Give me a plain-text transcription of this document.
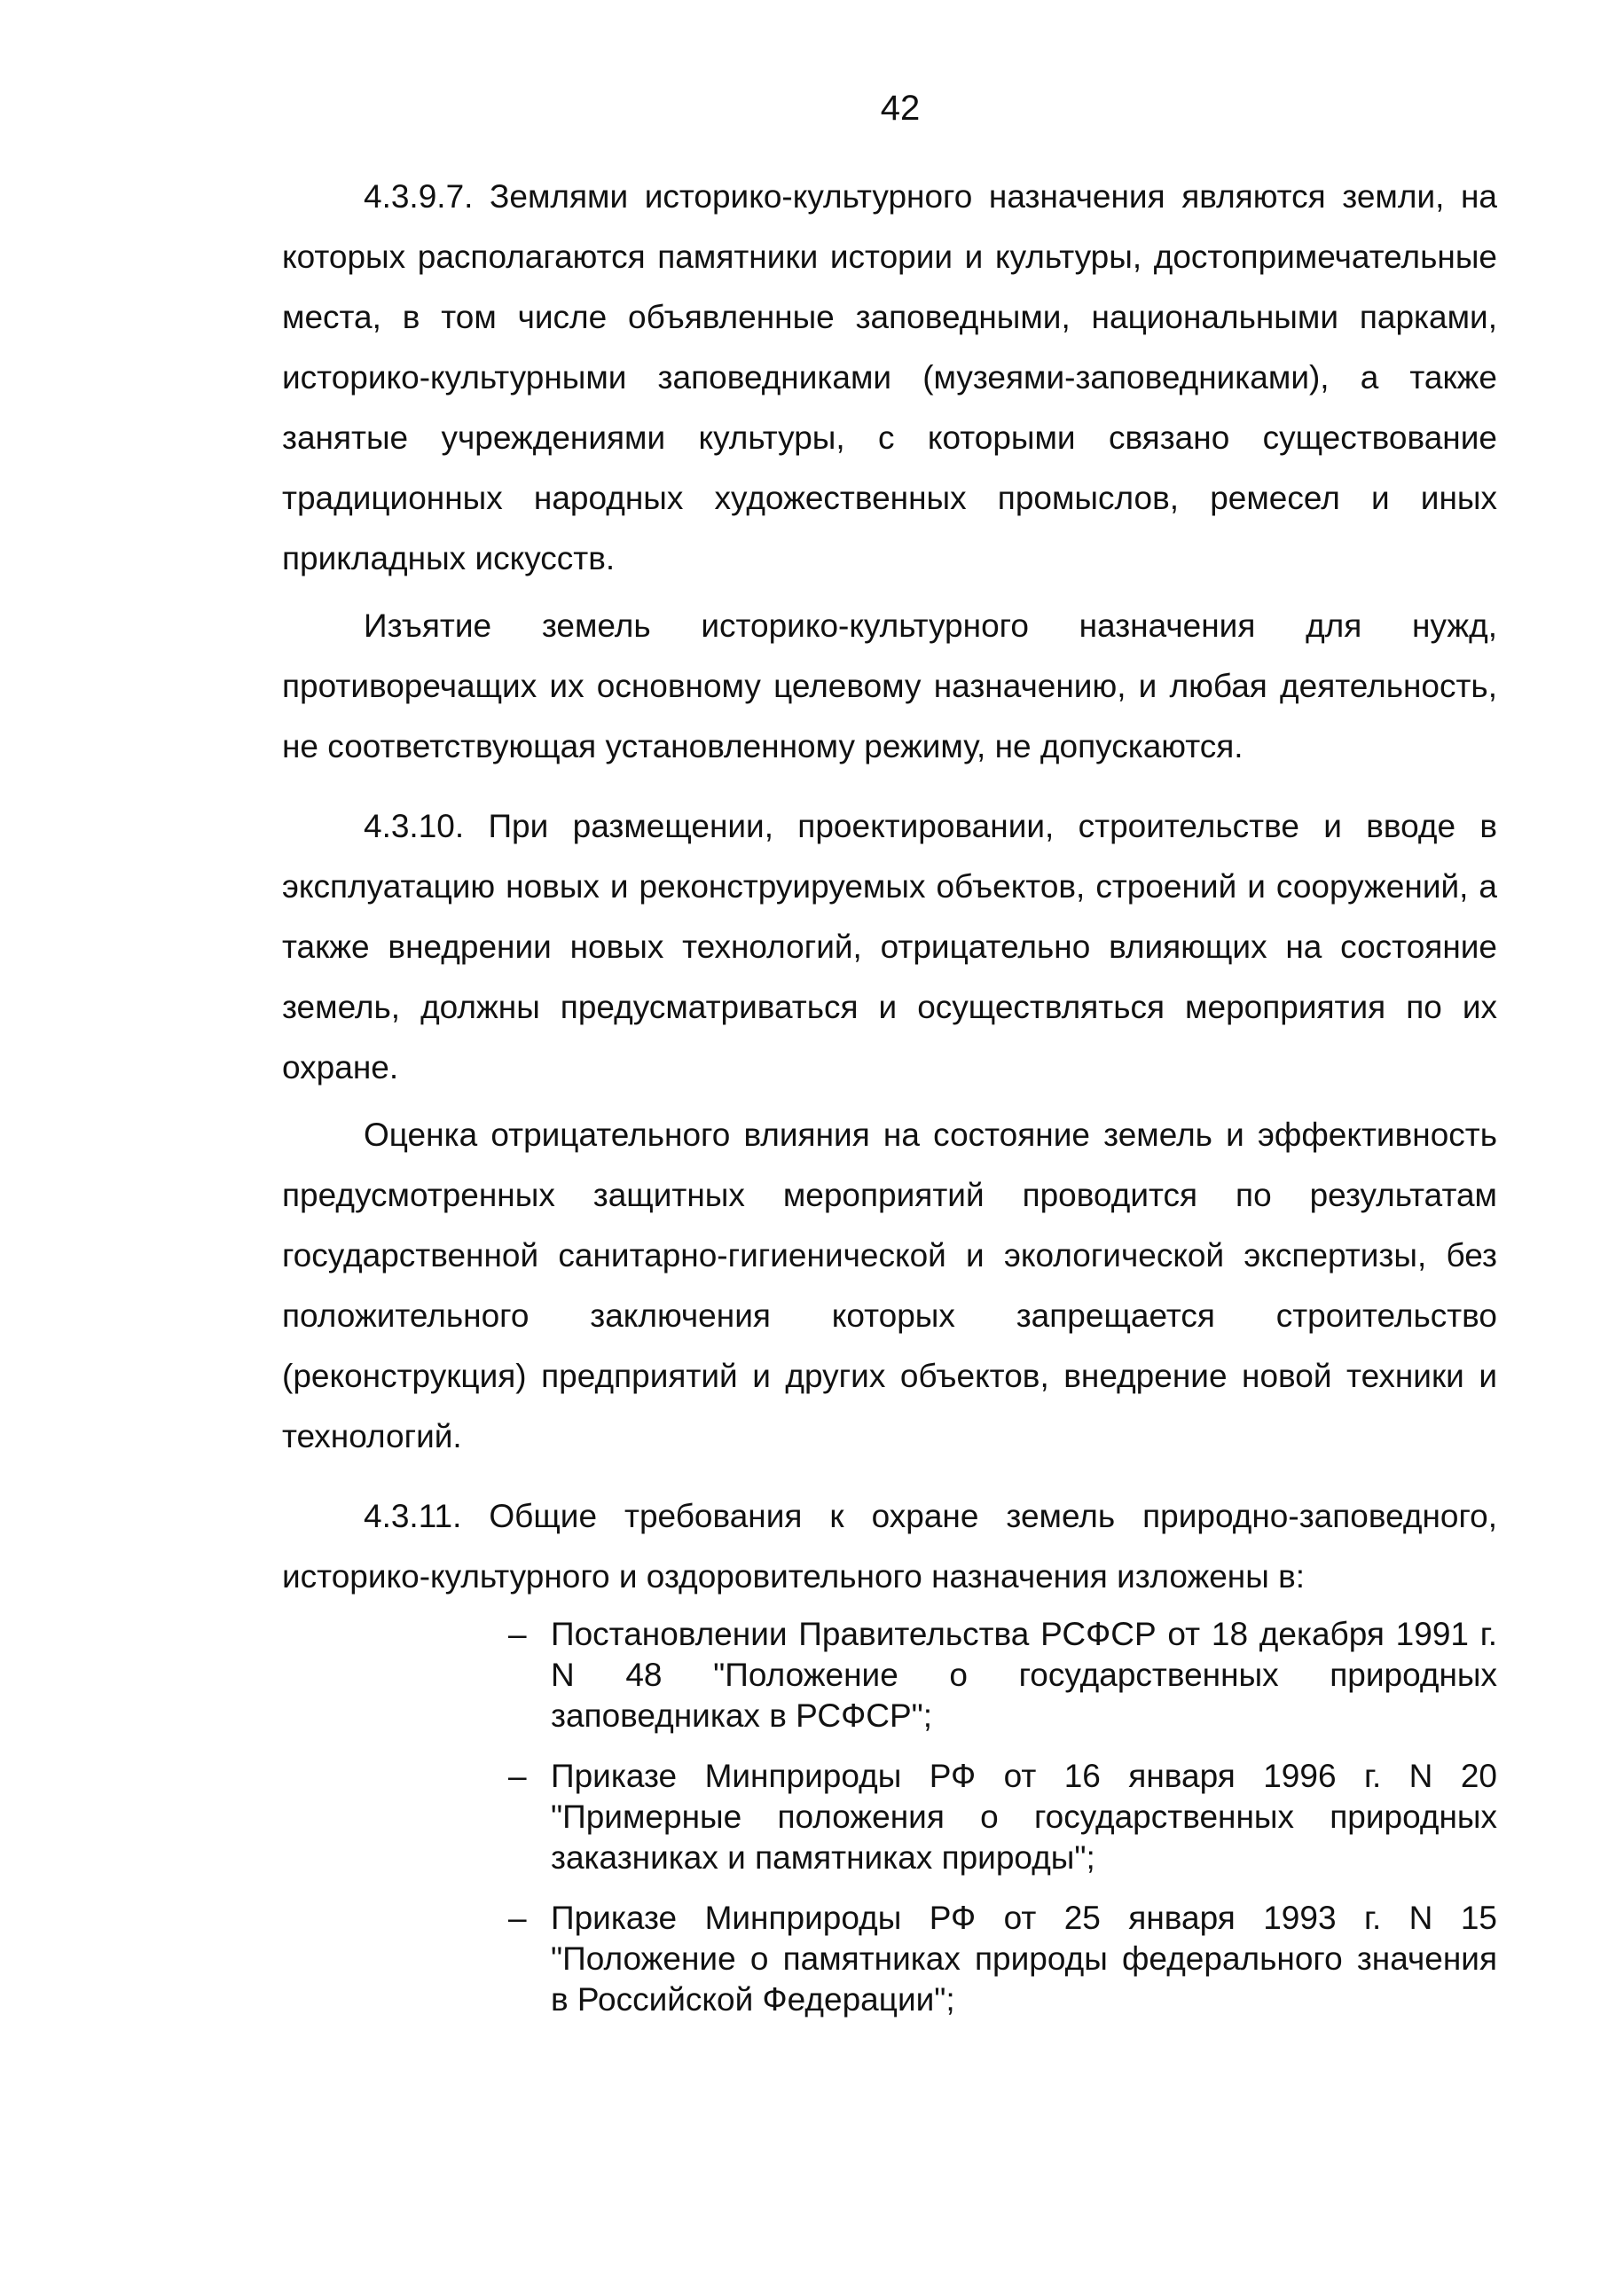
42

4.3.9.7. Землями историко-культурного назначения являются земли, на которых располагаются памятники истории и культуры, достопримечательные места, в том числе объявленные заповедными, национальными парками, историко-культурными заповедниками (музеями-заповедниками), а также занятые учреждениями культуры, с которыми связано существование традиционных народных художественных промыслов, ремесел и иных прикладных искусств.

Изъятие земель историко-культурного назначения для нужд, противоречащих их основному целевому назначению, и любая деятельность, не соответствующая установленному режиму, не допускаются.

4.3.10. При размещении, проектировании, строительстве и вводе в эксплуатацию новых и реконструируемых объектов, строений и сооружений, а также внедрении новых технологий, отрицательно влияющих на состояние земель, должны предусматриваться и осуществляться мероприятия по их охране.

Оценка отрицательного влияния на состояние земель и эффективность предусмотренных защитных мероприятий проводится по результатам государственной санитарно-гигиенической и экологической экспертизы, без положительного заключения которых запрещается строительство (реконструкция) предприятий и других объектов, внедрение новой техники и технологий.

4.3.11. Общие требования к охране земель природно-заповедного, историко-культурного и оздоровительного назначения изложены в:

– Постановлении Правительства РСФСР от 18 декабря 1991 г. N 48 "Положение о государственных природных заповедниках в РСФСР";
– Приказе Минприроды РФ от 16 января 1996 г. N 20 "Примерные положения о государственных природных заказниках и памятниках природы";
– Приказе Минприроды РФ от 25 января 1993 г. N 15 "Положение о памятниках природы федерального значения в Российской Федерации";
